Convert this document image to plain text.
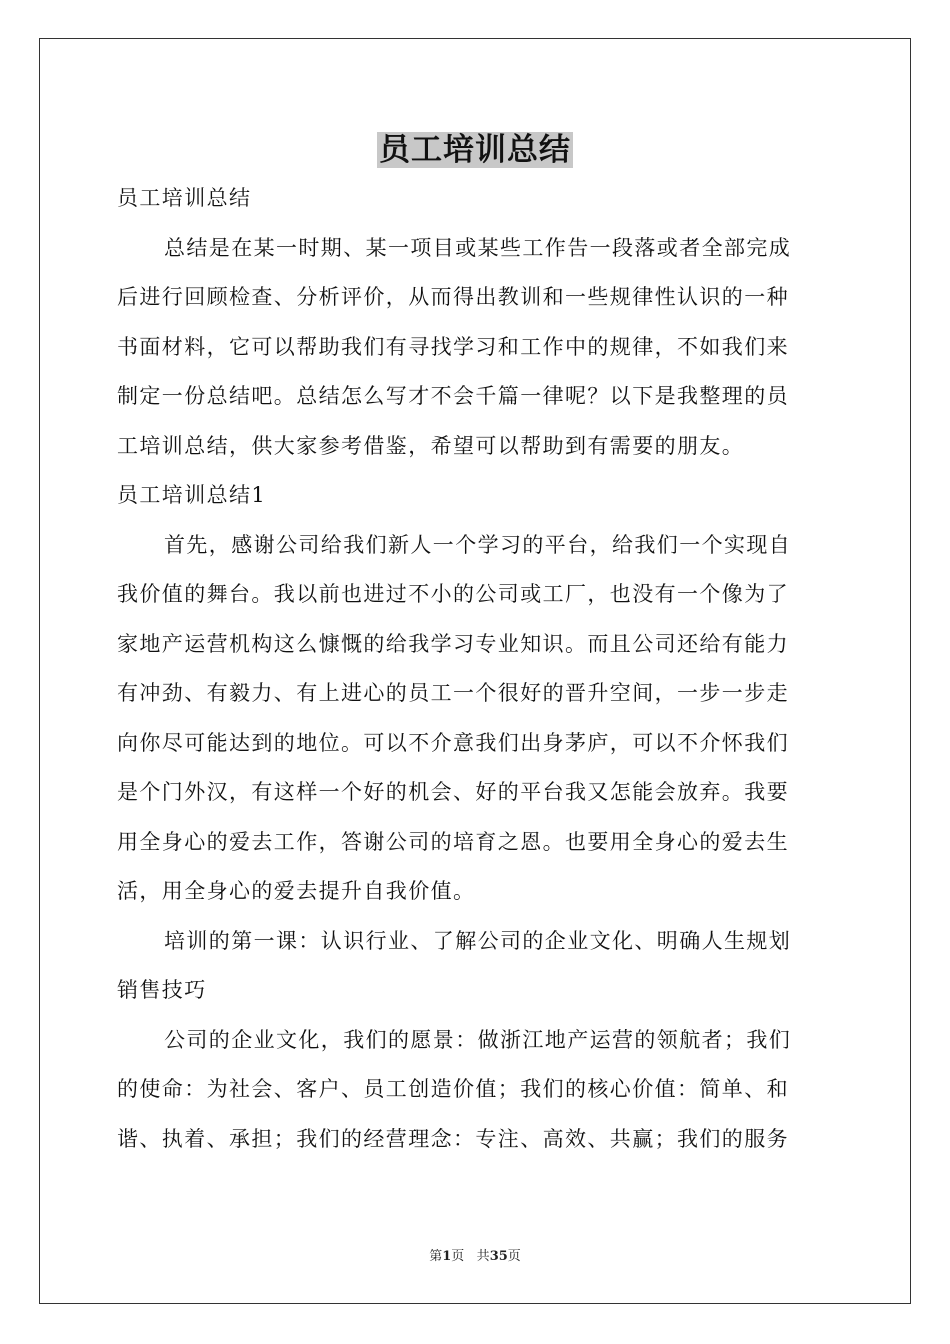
员工培训总结

员工培训总结

总结是在某一时期、某一项目或某些工作告一段落或者全部完成

后进行回顾检查、分析评价，从而得出教训和一些规律性认识的一种

书面材料，它可以帮助我们有寻找学习和工作中的规律，不如我们来

制定一份总结吧。总结怎么写才不会千篇一律呢？以下是我整理的员

工培训总结，供大家参考借鉴，希望可以帮助到有需要的朋友。

员工培训总结1

首先，感谢公司给我们新人一个学习的平台，给我们一个实现自

我价值的舞台。我以前也进过不小的公司或工厂，也没有一个像为了

家地产运营机构这么慷慨的给我学习专业知识。而且公司还给有能力

有冲劲、有毅力、有上进心的员工一个很好的晋升空间，一步一步走

向你尽可能达到的地位。可以不介意我们出身茅庐，可以不介怀我们

是个门外汉，有这样一个好的机会、好的平台我又怎能会放弃。我要

用全身心的爱去工作，答谢公司的培育之恩。也要用全身心的爱去生

活，用全身心的爱去提升自我价值。

培训的第一课：认识行业、了解公司的企业文化、明确人生规划

销售技巧

公司的企业文化，我们的愿景：做浙江地产运营的领航者；我们

的使命：为社会、客户、员工创造价值；我们的核心价值：简单、和

谐、执着、承担；我们的经营理念：专注、高效、共赢；我们的服务

第1页 共35页
